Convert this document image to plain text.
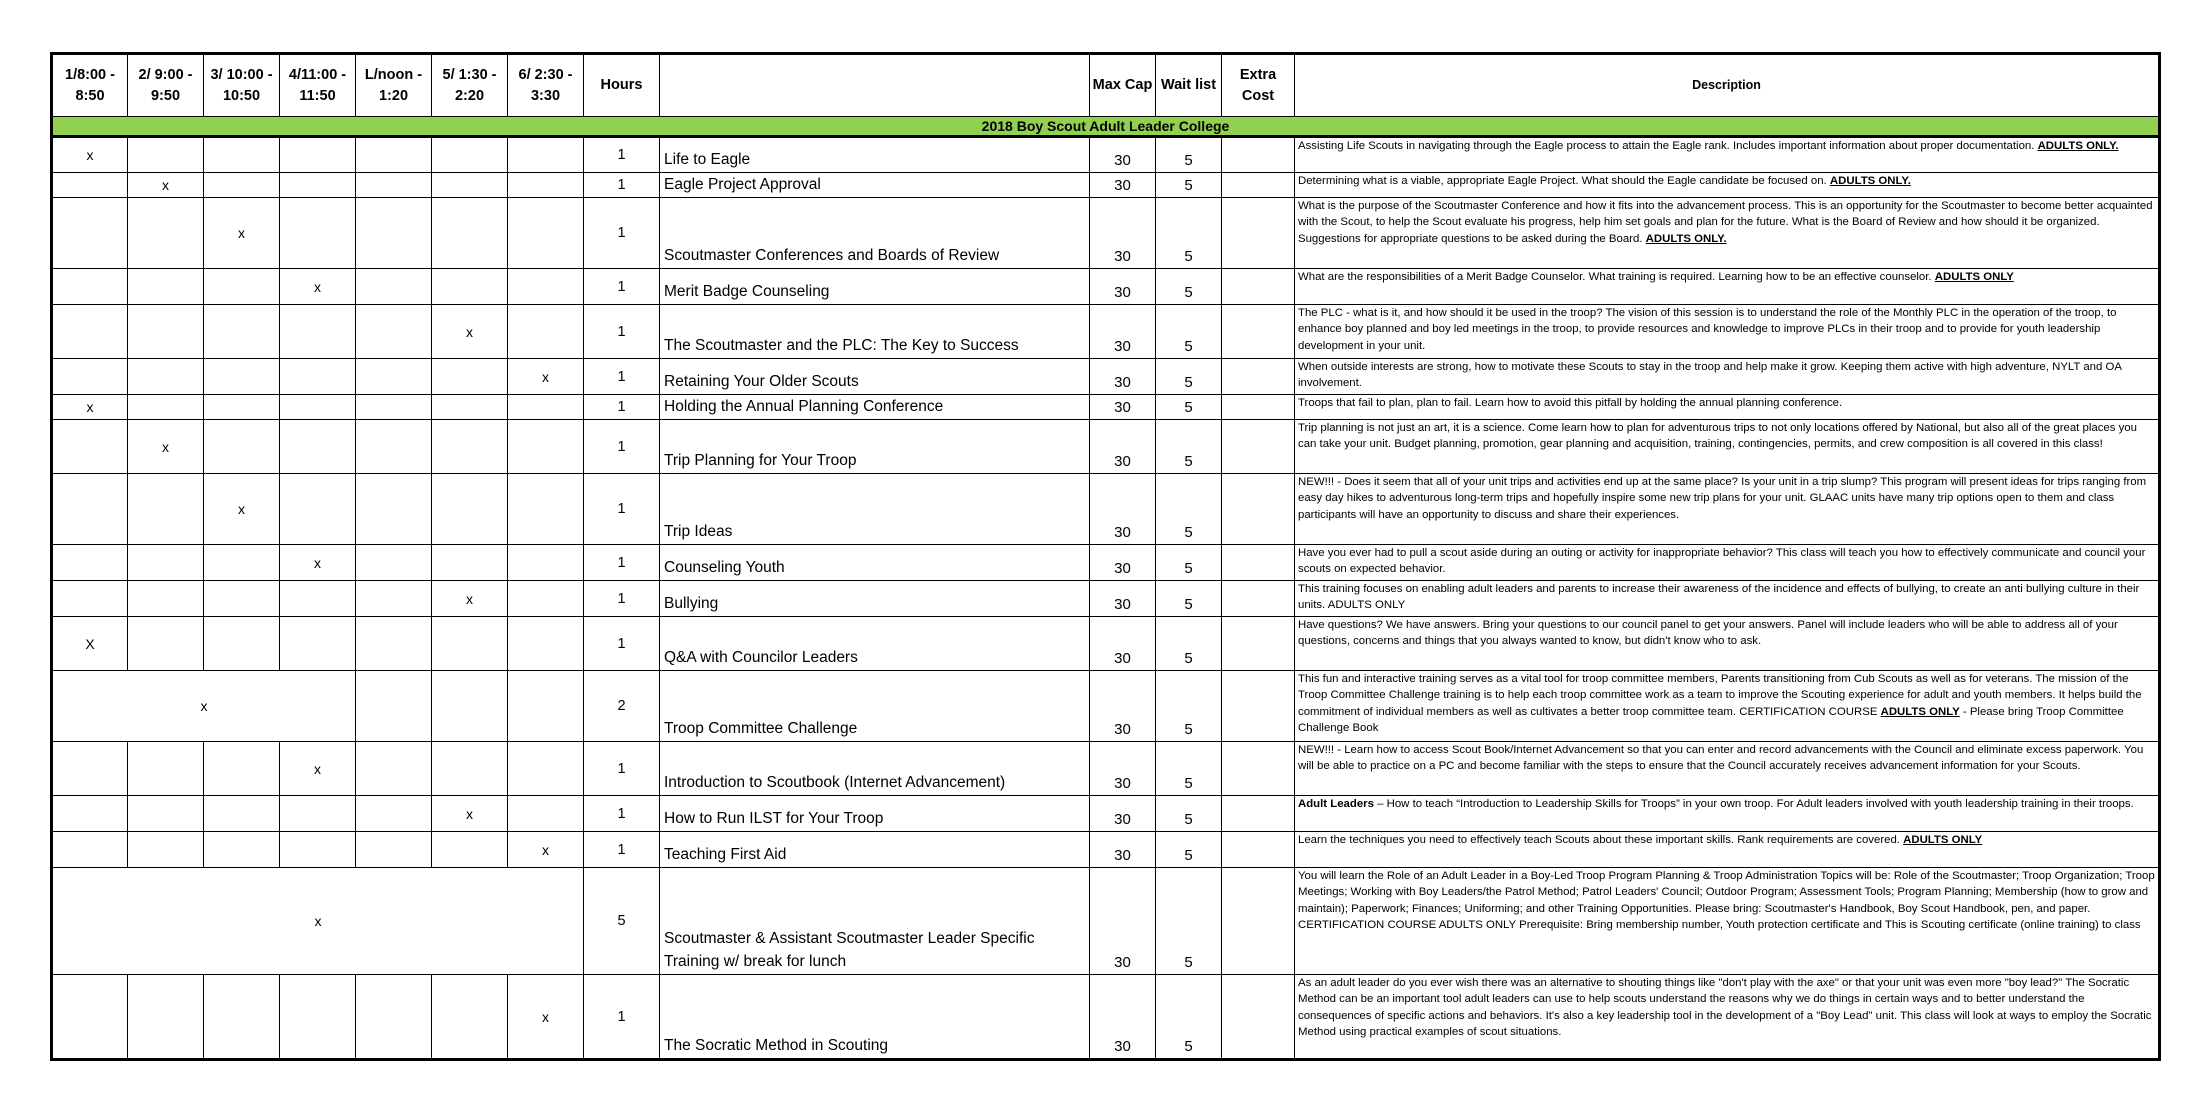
1/8:00 - 8:50	2/ 9:00 - 9:50	3/ 10:00 - 10:50	4/11:00 - 11:50	L/noon - 1:20	5/ 1:30 - 2:20	6/ 2:30 - 3:30	Hours		Max Cap	Wait list	Extra Cost	Description
2018 Boy Scout Adult Leader College												
x							1	Life to Eagle	30	5		Assisting Life Scouts in navigating through the Eagle process to attain the Eagle rank. Includes important information about proper documentation. ADULTS ONLY.
	x						1	Eagle Project Approval	30	5		Determining what is a viable, appropriate Eagle Project. What should the Eagle candidate be focused on. ADULTS ONLY.
		x					1	Scoutmaster Conferences and Boards of Review	30	5		What is the purpose of the Scoutmaster Conference and how it fits into the advancement process. This is an opportunity for the Scoutmaster to become better acquainted with the Scout, to help the Scout evaluate his progress, help him set goals and plan for the future. What is the Board of Review and how should it be organized. Suggestions for appropriate questions to be asked during the Board. ADULTS ONLY.
			x				1	Merit Badge Counseling	30	5		What are the responsibilities of a Merit Badge Counselor. What training is required. Learning how to be an effective counselor. ADULTS ONLY
					x		1	The Scoutmaster and the PLC: The Key to Success	30	5		The PLC - what is it, and how should it be used in the troop? The vision of this session is to understand the role of the Monthly PLC in the operation of the troop, to enhance boy planned and boy led meetings in the troop, to provide resources and knowledge to improve PLCs in their troop and to provide for youth leadership development in your unit.
						x	1	Retaining Your Older Scouts	30	5		When outside interests are strong, how to motivate these Scouts to stay in the troop and help make it grow. Keeping them active with high adventure, NYLT and OA involvement.
x							1	Holding the Annual Planning Conference	30	5		Troops that fail to plan, plan to fail. Learn how to avoid this pitfall by holding the annual planning conference.
	x						1	Trip Planning for Your Troop	30	5		Trip planning is not just an art, it is a science. Come learn how to plan for adventurous trips to not only locations offered by National, but also all of the great places you can take your unit. Budget planning, promotion, gear planning and acquisition, training, contingencies, permits, and crew composition is all covered in this class!
		x					1	Trip Ideas	30	5		NEW!!! - Does it seem that all of your unit trips and activities end up at the same place? Is your unit in a trip slump? This program will present ideas for trips ranging from easy day hikes to adventurous long-term trips and hopefully inspire some new trip plans for your unit. GLAAC units have many trip options open to them and class participants will have an opportunity to discuss and share their experiences.
			x				1	Counseling Youth	30	5		Have you ever had to pull a scout aside during an outing or activity for inappropriate behavior? This class will teach you how to effectively communicate and council your scouts on expected behavior.
					x		1	Bullying	30	5		This training focuses on enabling adult leaders and parents to increase their awareness of the incidence and effects of bullying, to create an anti bullying culture in their units. ADULTS ONLY
X							1	Q&A with Councilor Leaders	30	5		Have questions? We have answers. Bring your questions to our council panel to get your answers. Panel will include leaders who will be able to address all of your questions, concerns and things that you always wanted to know, but didn't know who to ask.
x							2	Troop Committee Challenge	30	5		This fun and interactive training serves as a vital tool for troop committee members, Parents transitioning from Cub Scouts as well as for veterans. The mission of the Troop Committee Challenge training is to help each troop committee work as a team to improve the Scouting experience for adult and youth members. It helps build the commitment of individual members as well as cultivates a better troop committee team. CERTIFICATION COURSE ADULTS ONLY - Please bring Troop Committee Challenge Book
			x				1	Introduction to Scoutbook (Internet Advancement)	30	5		NEW!!! - Learn how to access Scout Book/Internet Advancement so that you can enter and record advancements with the Council and eliminate excess paperwork. You will be able to practice on a PC and become familiar with the steps to ensure that the Council accurately receives advancement information for your Scouts.
					x		1	How to Run ILST for Your Troop	30	5		Adult Leaders – How to teach “Introduction to Leadership Skills for Troops” in your own troop. For Adult leaders involved with youth leadership training in their troops.
						x	1	Teaching First Aid	30	5		Learn the techniques you need to effectively teach Scouts about these important skills. Rank requirements are covered. ADULTS ONLY
x							5	Scoutmaster & Assistant Scoutmaster Leader Specific Training w/ break for lunch	30	5		You will learn the Role of an Adult Leader in a Boy-Led Troop Program Planning & Troop Administration Topics will be: Role of the Scoutmaster; Troop Organization; Troop Meetings; Working with Boy Leaders/the Patrol Method; Patrol Leaders' Council; Outdoor Program; Assessment Tools; Program Planning; Membership (how to grow and maintain); Paperwork; Finances; Uniforming; and other Training Opportunities. Please bring: Scoutmaster's Handbook, Boy Scout Handbook, pen, and paper. CERTIFICATION COURSE ADULTS ONLY Prerequisite: Bring membership number, Youth protection certificate and This is Scouting certificate (online training) to class
						x	1	The Socratic Method in Scouting	30	5		As an adult leader do you ever wish there was an alternative to shouting things like "don't play with the axe" or that your unit was even more "boy lead?" The Socratic Method can be an important tool adult leaders can use to help scouts understand the reasons why we do things in certain ways and to better understand the consequences of specific actions and behaviors. It's also a key leadership tool in the development of a "Boy Lead" unit. This class will look at ways to employ the Socratic Method using practical examples of scout situations.
